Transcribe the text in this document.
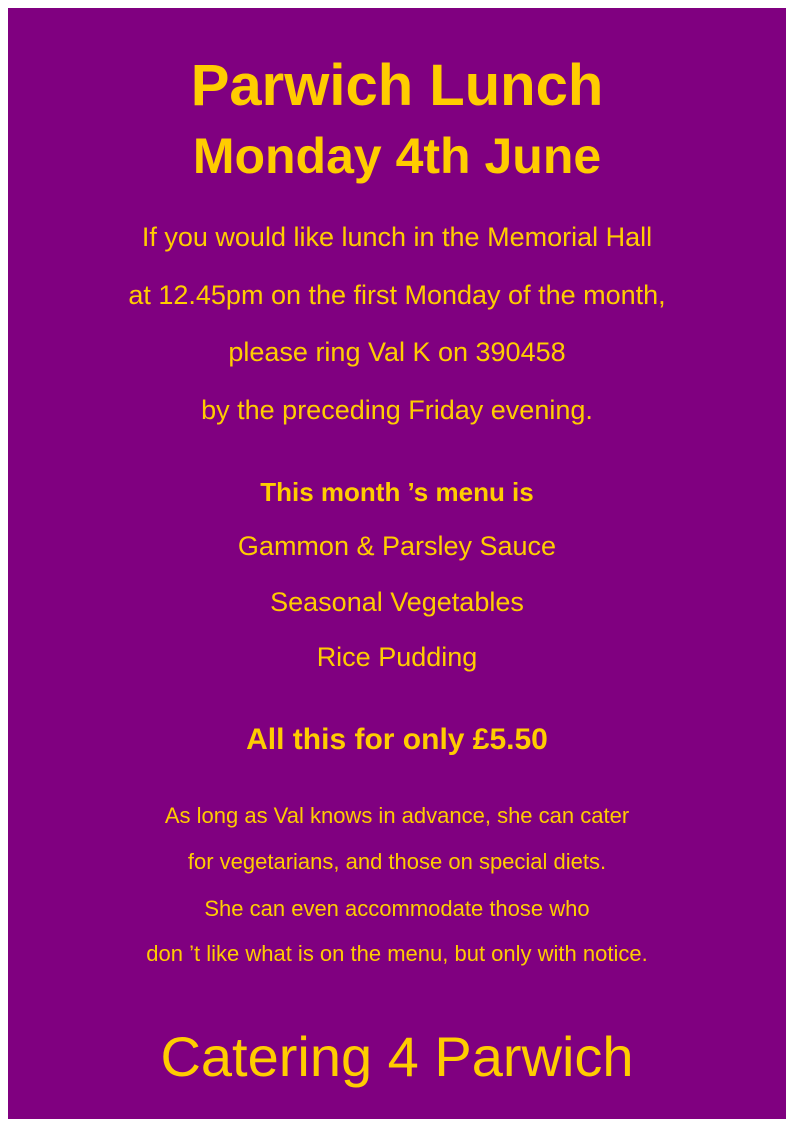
Parwich Lunch
Monday 4th June
If you would like lunch in the Memorial Hall
at 12.45pm on the first Monday of the month,
please ring Val K on 390458
by the preceding Friday evening.
This month ’s menu is
Gammon & Parsley Sauce
Seasonal Vegetables
Rice Pudding
All this for only £5.50
As long as Val knows in advance, she can cater
for vegetarians, and those on special diets.
She can even accommodate those who
don ’t like what is on the menu, but only with notice.
Catering 4 Parwich
